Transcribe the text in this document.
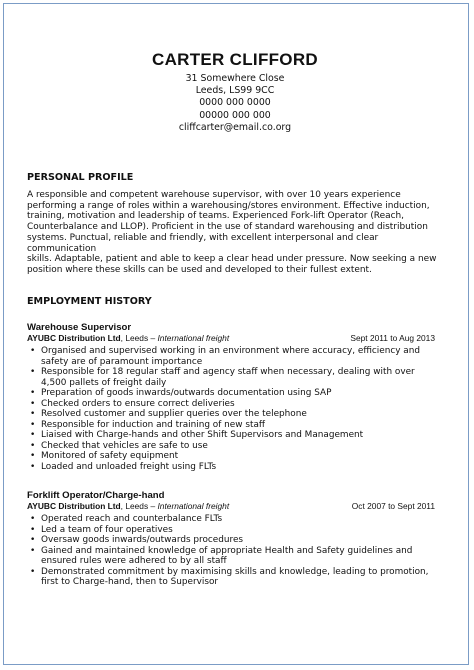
CARTER CLIFFORD
31 Somewhere Close
Leeds, LS99 9CC
0000 000 0000
00000 000 000
cliffcarter@email.co.org
PERSONAL PROFILE
A responsible and competent warehouse supervisor, with over 10 years experience
performing a range of roles within a warehousing/stores environment. Effective induction,
training, motivation and leadership of teams. Experienced Fork-lift Operator (Reach,
Counterbalance and LLOP). Proficient in the use of standard warehousing and distribution
systems. Punctual, reliable and friendly, with excellent interpersonal and clear communication
skills. Adaptable, patient and able to keep a clear head under pressure. Now seeking a new
position where these skills can be used and developed to their fullest extent.
EMPLOYMENT HISTORY
Warehouse Supervisor
AYUBC Distribution Ltd, Leeds – International freight	Sept 2011 to Aug 2013
• Organised and supervised working in an environment where accuracy, efficiency and
safety are of paramount importance
• Responsible for 18 regular staff and agency staff when necessary, dealing with over
4,500 pallets of freight daily
• Preparation of goods inwards/outwards documentation using SAP
• Checked orders to ensure correct deliveries
• Resolved customer and supplier queries over the telephone
• Responsible for induction and training of new staff
• Liaised with Charge-hands and other Shift Supervisors and Management
• Checked that vehicles are safe to use
• Monitored of safety equipment
• Loaded and unloaded freight using FLTs
Forklift Operator/Charge-hand
AYUBC Distribution Ltd, Leeds – International freight	Oct 2007 to Sept 2011
• Operated reach and counterbalance FLTs
• Led a team of four operatives
• Oversaw goods inwards/outwards procedures
• Gained and maintained knowledge of appropriate Health and Safety guidelines and
ensured rules were adhered to by all staff
• Demonstrated commitment by maximising skills and knowledge, leading to promotion,
first to Charge-hand, then to Supervisor
